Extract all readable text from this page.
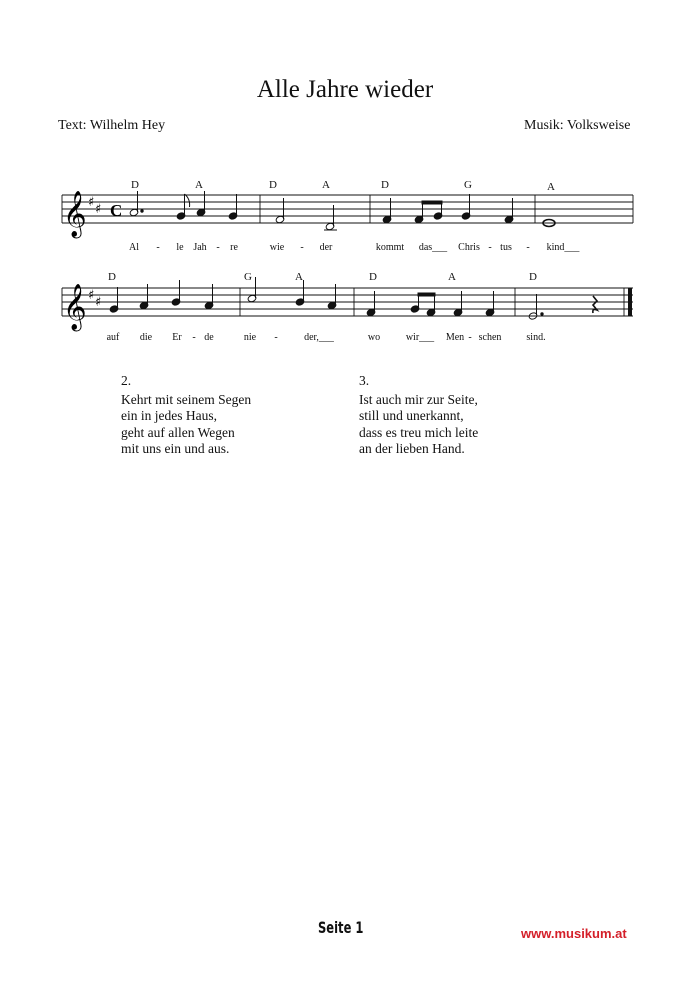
Alle Jahre wieder
Text: Wilhelm Hey	Musik: Volksweise
D	A	D	A	D	G	A
𝄞 ♯ ♯ C
Al - le Jah - re	wie - der	kommt das___ Chris - tus - kind___
D	G	A	D	A	D
𝄞 ♯ ♯
auf die Er - de	nie -	der,___	wo	wir___ Men - schen	sind.
2.
Kehrt mit seinem Segen
ein in jedes Haus,
geht auf allen Wegen
mit uns ein und aus.
3.
Ist auch mir zur Seite,
still und unerkannt,
dass es treu mich leite
an der lieben Hand.
Seite 1	www.musikum.at
